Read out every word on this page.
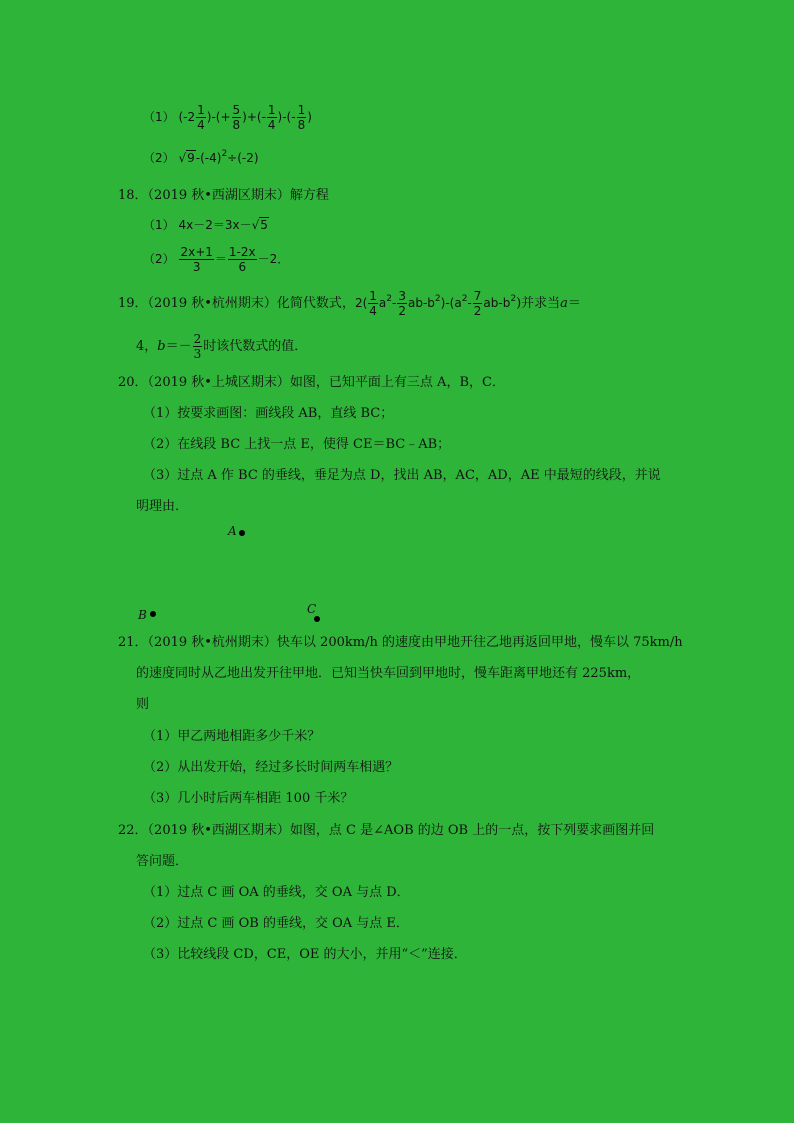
（1） ($-2 \frac{1}{4}$ )-(+ $\frac{5}{8}$ )+(- $\frac{1}{4}$ )-(- $\frac{1}{8}$ )
（2） $√9-(-4)^2\div(-2)$
18．（2019 秋•西湖区期末）解方程
（1） 4x－2＝3x－√5
$(2) \frac{2x+1}{3} = \frac{1-2x}{6} -2$．
19．（2019 秋•杭州期末）化简代数式，$2( \frac{1}{4} a^2- \frac{3}{2} ab-b^2)-(a^2- \frac{7}{2} ab-b^2)$并求当a＝
4，$b=- \frac{2}{3}$ 时该代数式的值．
20．（2019 秋•上城区期末）如图，已知平面上有三点 A，B，C．
（1）按要求画图：画线段 AB，直线 BC；
（2）在线段 BC 上找一点 E，使得 CE＝BC﹣AB；
（3）过点 A 作 BC 的垂线，垂足为点 D，找出 AB，AC，AD，AE 中最短的线段，并说
明理由．
A
B	C
21．（2019 秋•杭州期末）快车以 200km/h 的速度由甲地开往乙地再返回甲地，慢车以 75km/h
的速度同时从乙地出发开往甲地．已知当快车回到甲地时，慢车距离甲地还有 225km，
则
（1）甲乙两地相距多少千米？
（2）从出发开始，经过多长时间两车相遇？
（3）几小时后两车相距 100 千米？
22．（2019 秋•西湖区期末）如图，点 C 是∠AOB 的边 OB 上的一点，按下列要求画图并回
答问题．
（1）过点 C 画 OA 的垂线，交 OA 与点 D．
（2）过点 C 画 OB 的垂线，交 OA 与点 E．
（3）比较线段 CD，CE，OE 的大小，并用“＜”连接．
